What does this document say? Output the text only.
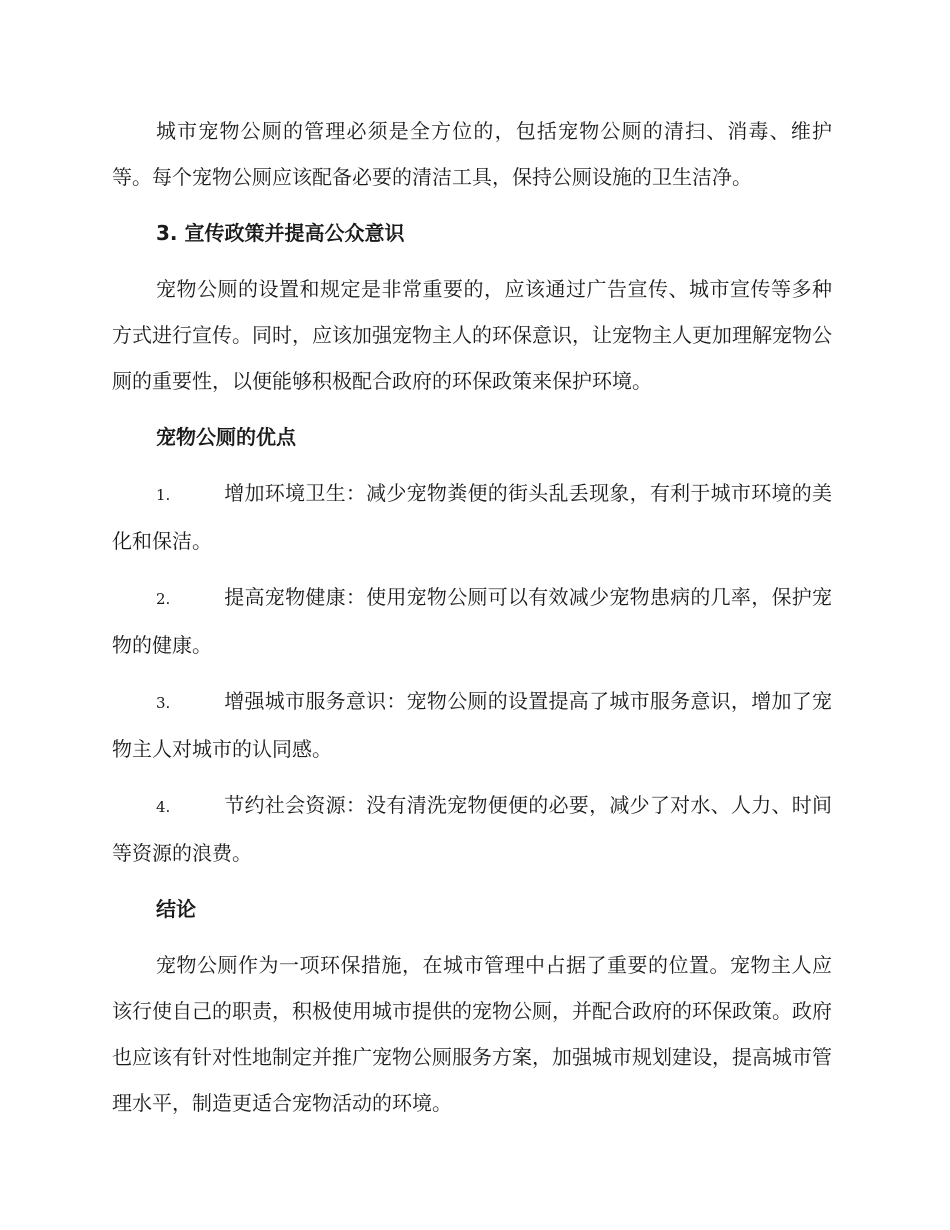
城市宠物公厕的管理必须是全方位的，包括宠物公厕的清扫、消毒、维护等。每个宠物公厕应该配备必要的清洁工具，保持公厕设施的卫生洁净。

3. 宣传政策并提高公众意识

宠物公厕的设置和规定是非常重要的，应该通过广告宣传、城市宣传等多种方式进行宣传。同时，应该加强宠物主人的环保意识，让宠物主人更加理解宠物公厕的重要性，以便能够积极配合政府的环保政策来保护环境。

宠物公厕的优点
1.	增加环境卫生：减少宠物粪便的街头乱丢现象，有利于城市环境的美化和保洁。
2.	提高宠物健康：使用宠物公厕可以有效减少宠物患病的几率，保护宠物的健康。
3.	增强城市服务意识：宠物公厕的设置提高了城市服务意识，增加了宠物主人对城市的认同感。
4.	节约社会资源：没有清洗宠物便便的必要，减少了对水、人力、时间等资源的浪费。
结论

宠物公厕作为一项环保措施，在城市管理中占据了重要的位置。宠物主人应该行使自己的职责，积极使用城市提供的宠物公厕，并配合政府的环保政策。政府也应该有针对性地制定并推广宠物公厕服务方案，加强城市规划建设，提高城市管理水平，制造更适合宠物活动的环境。
